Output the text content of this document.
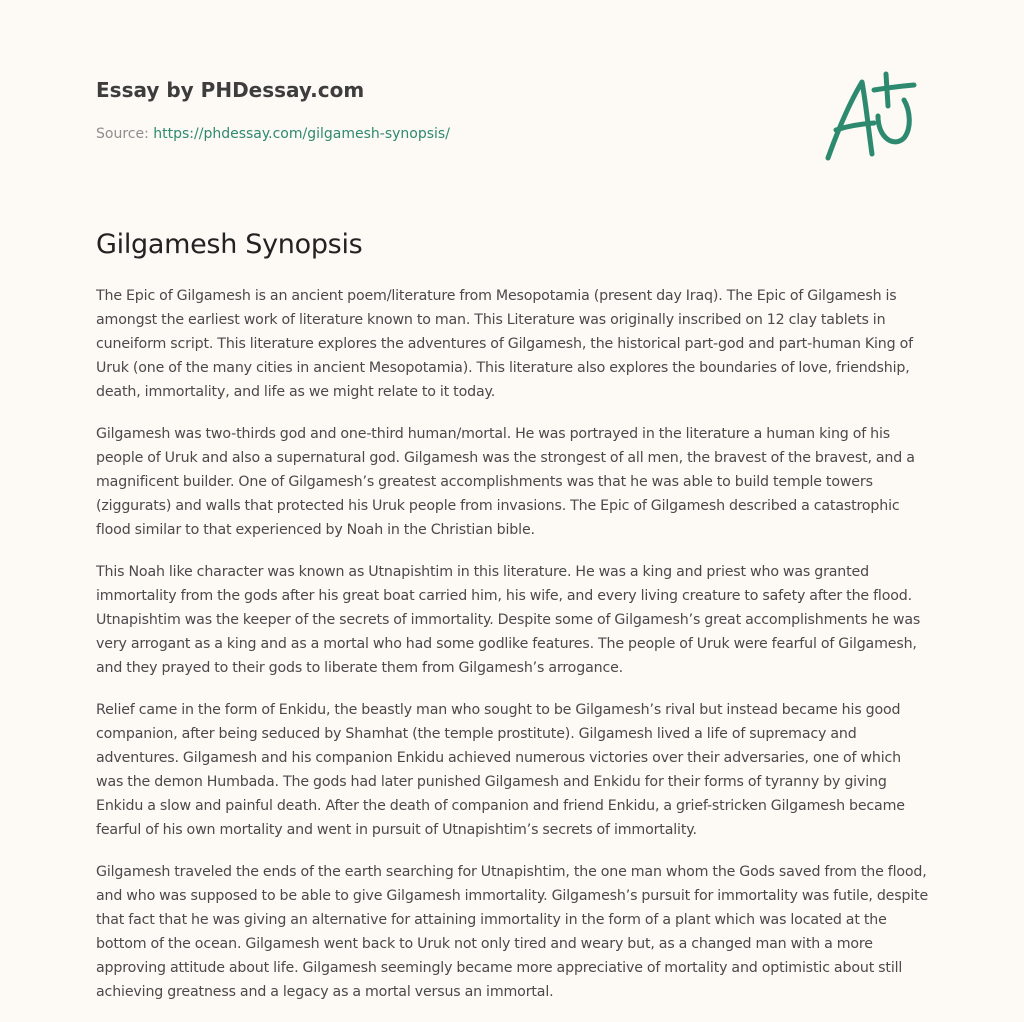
Essay by PHDessay.com
Source: https://phdessay.com/gilgamesh-synopsis/
Gilgamesh Synopsis

The Epic of Gilgamesh is an ancient poem/literature from Mesopotamia (present day Iraq). The Epic of Gilgamesh is amongst the earliest work of literature known to man. This Literature was originally inscribed on 12 clay tablets in cuneiform script. This literature explores the adventures of Gilgamesh, the historical part-god and part-human King of Uruk (one of the many cities in ancient Mesopotamia). This literature also explores the boundaries of love, friendship, death, immortality, and life as we might relate to it today.

Gilgamesh was two-thirds god and one-third human/mortal. He was portrayed in the literature a human king of his people of Uruk and also a supernatural god. Gilgamesh was the strongest of all men, the bravest of the bravest, and a magnificent builder. One of Gilgamesh’s greatest accomplishments was that he was able to build temple towers (ziggurats) and walls that protected his Uruk people from invasions. The Epic of Gilgamesh described a catastrophic flood similar to that experienced by Noah in the Christian bible.

This Noah like character was known as Utnapishtim in this literature. He was a king and priest who was granted immortality from the gods after his great boat carried him, his wife, and every living creature to safety after the flood. Utnapishtim was the keeper of the secrets of immortality. Despite some of Gilgamesh’s great accomplishments he was very arrogant as a king and as a mortal who had some godlike features. The people of Uruk were fearful of Gilgamesh, and they prayed to their gods to liberate them from Gilgamesh’s arrogance.

Relief came in the form of Enkidu, the beastly man who sought to be Gilgamesh’s rival but instead became his good companion, after being seduced by Shamhat (the temple prostitute). Gilgamesh lived a life of supremacy and adventures. Gilgamesh and his companion Enkidu achieved numerous victories over their adversaries, one of which was the demon Humbada. The gods had later punished Gilgamesh and Enkidu for their forms of tyranny by giving Enkidu a slow and painful death. After the death of companion and friend Enkidu, a grief-stricken Gilgamesh became fearful of his own mortality and went in pursuit of Utnapishtim’s secrets of immortality.

Gilgamesh traveled the ends of the earth searching for Utnapishtim, the one man whom the Gods saved from the flood, and who was supposed to be able to give Gilgamesh immortality. Gilgamesh’s pursuit for immortality was futile, despite that fact that he was giving an alternative for attaining immortality in the form of a plant which was located at the bottom of the ocean. Gilgamesh went back to Uruk not only tired and weary but, as a changed man with a more approving attitude about life. Gilgamesh seemingly became more appreciative of mortality and optimistic about still achieving greatness and a legacy as a mortal versus an immortal.
